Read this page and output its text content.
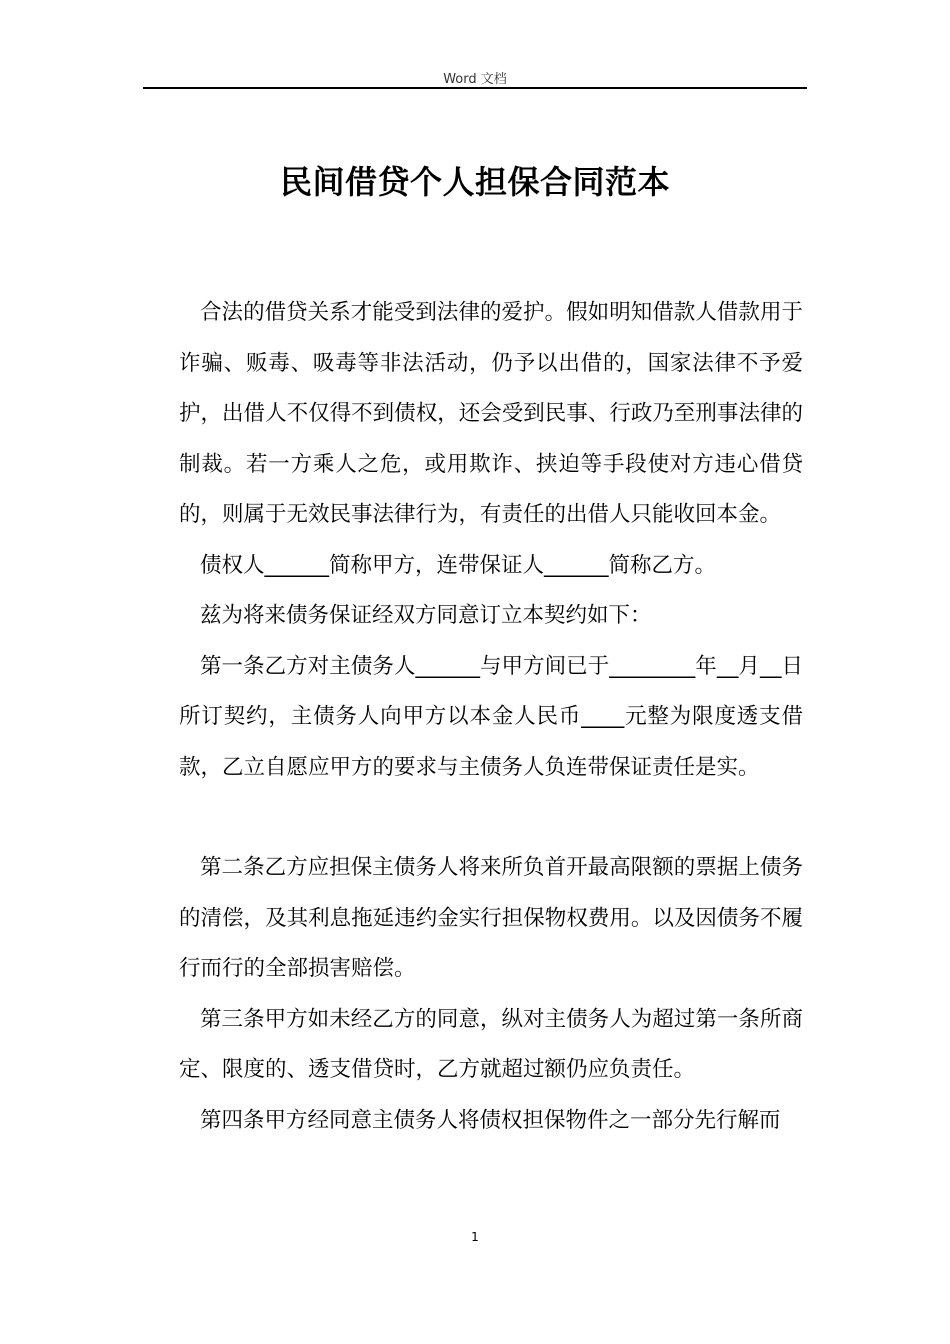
Word 文档
民间借贷个人担保合同范本

合法的借贷关系才能受到法律的爱护。假如明知借款人借款用于诈骗、贩毒、吸毒等非法活动，仍予以出借的，国家法律不予爱护，出借人不仅得不到债权，还会受到民事、行政乃至刑事法律的制裁。若一方乘人之危，或用欺诈、挟迫等手段使对方违心借贷的，则属于无效民事法律行为，有责任的出借人只能收回本金。

债权人______简称甲方，连带保证人______简称乙方。

兹为将来债务保证经双方同意订立本契约如下：

第一条乙方对主债务人______与甲方间已于________年__月__日所订契约，主债务人向甲方以本金人民币____元整为限度透支借款，乙立自愿应甲方的要求与主债务人负连带保证责任是实。

第二条乙方应担保主债务人将来所负首开最高限额的票据上债务的清偿，及其利息拖延违约金实行担保物权费用。以及因债务不履行而行的全部损害赔偿。

第三条甲方如未经乙方的同意，纵对主债务人为超过第一条所商定、限度的、透支借贷时，乙方就超过额仍应负责任。

第四条甲方经同意主债务人将债权担保物件之一部分先行解而

1
